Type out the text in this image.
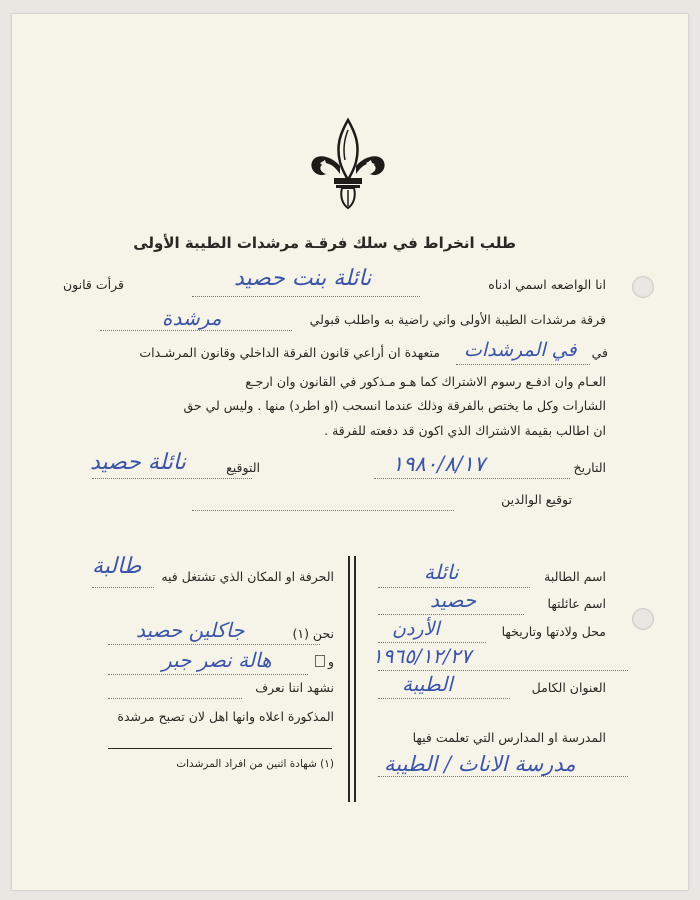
طلب انخراط في سلك فرقـة مرشدات الطيبة الأولى
انا الواضعه اسمي ادناه
نائلة بنت حصيد
قرأت قانون
فرقة مرشدات الطيبة الأولى واني راضية به واطلب قبولي
مرشدة
في
في المرشدات
متعهدة ان أراعي قانون الفرقة الداخلي وقانون المرشـدات
العـام وان ادفـع رسوم الاشتراك كما هـو مـذكور في القانون وان ارجـع
الشارات وكل ما يختص بالفرقة وذلك عندما انسحب (او اطرد) منها . وليس لي حق
ان اطالب بقيمة الاشتراك الذي اكون قد دفعته للفرقة .
التاريخ
١٩٨٠/٨/١٧
التوقيع
نائلة حصيد
توقيع الوالدين
اسم الطالبة
نائلة
اسم عائلتها
حصيد
محل ولادتها وتاريخها
الأردن
١٩٦٥/١٢/٢٧
العنوان الكامل
الطيبة
المدرسة او المدارس التي تعلمت فيها
مدرسة الاناث / الطيبة
الحرفة او المكان الذي تشتغل فيه
طالبة
نحن (١)
جاكلين حصيد
و
هالة نصر جبر
نشهد اننا نعرف
المذكورة اعلاه وانها اهل لان تصبح مرشدة
(١) شهادة اثنين من افراد المرشدات
